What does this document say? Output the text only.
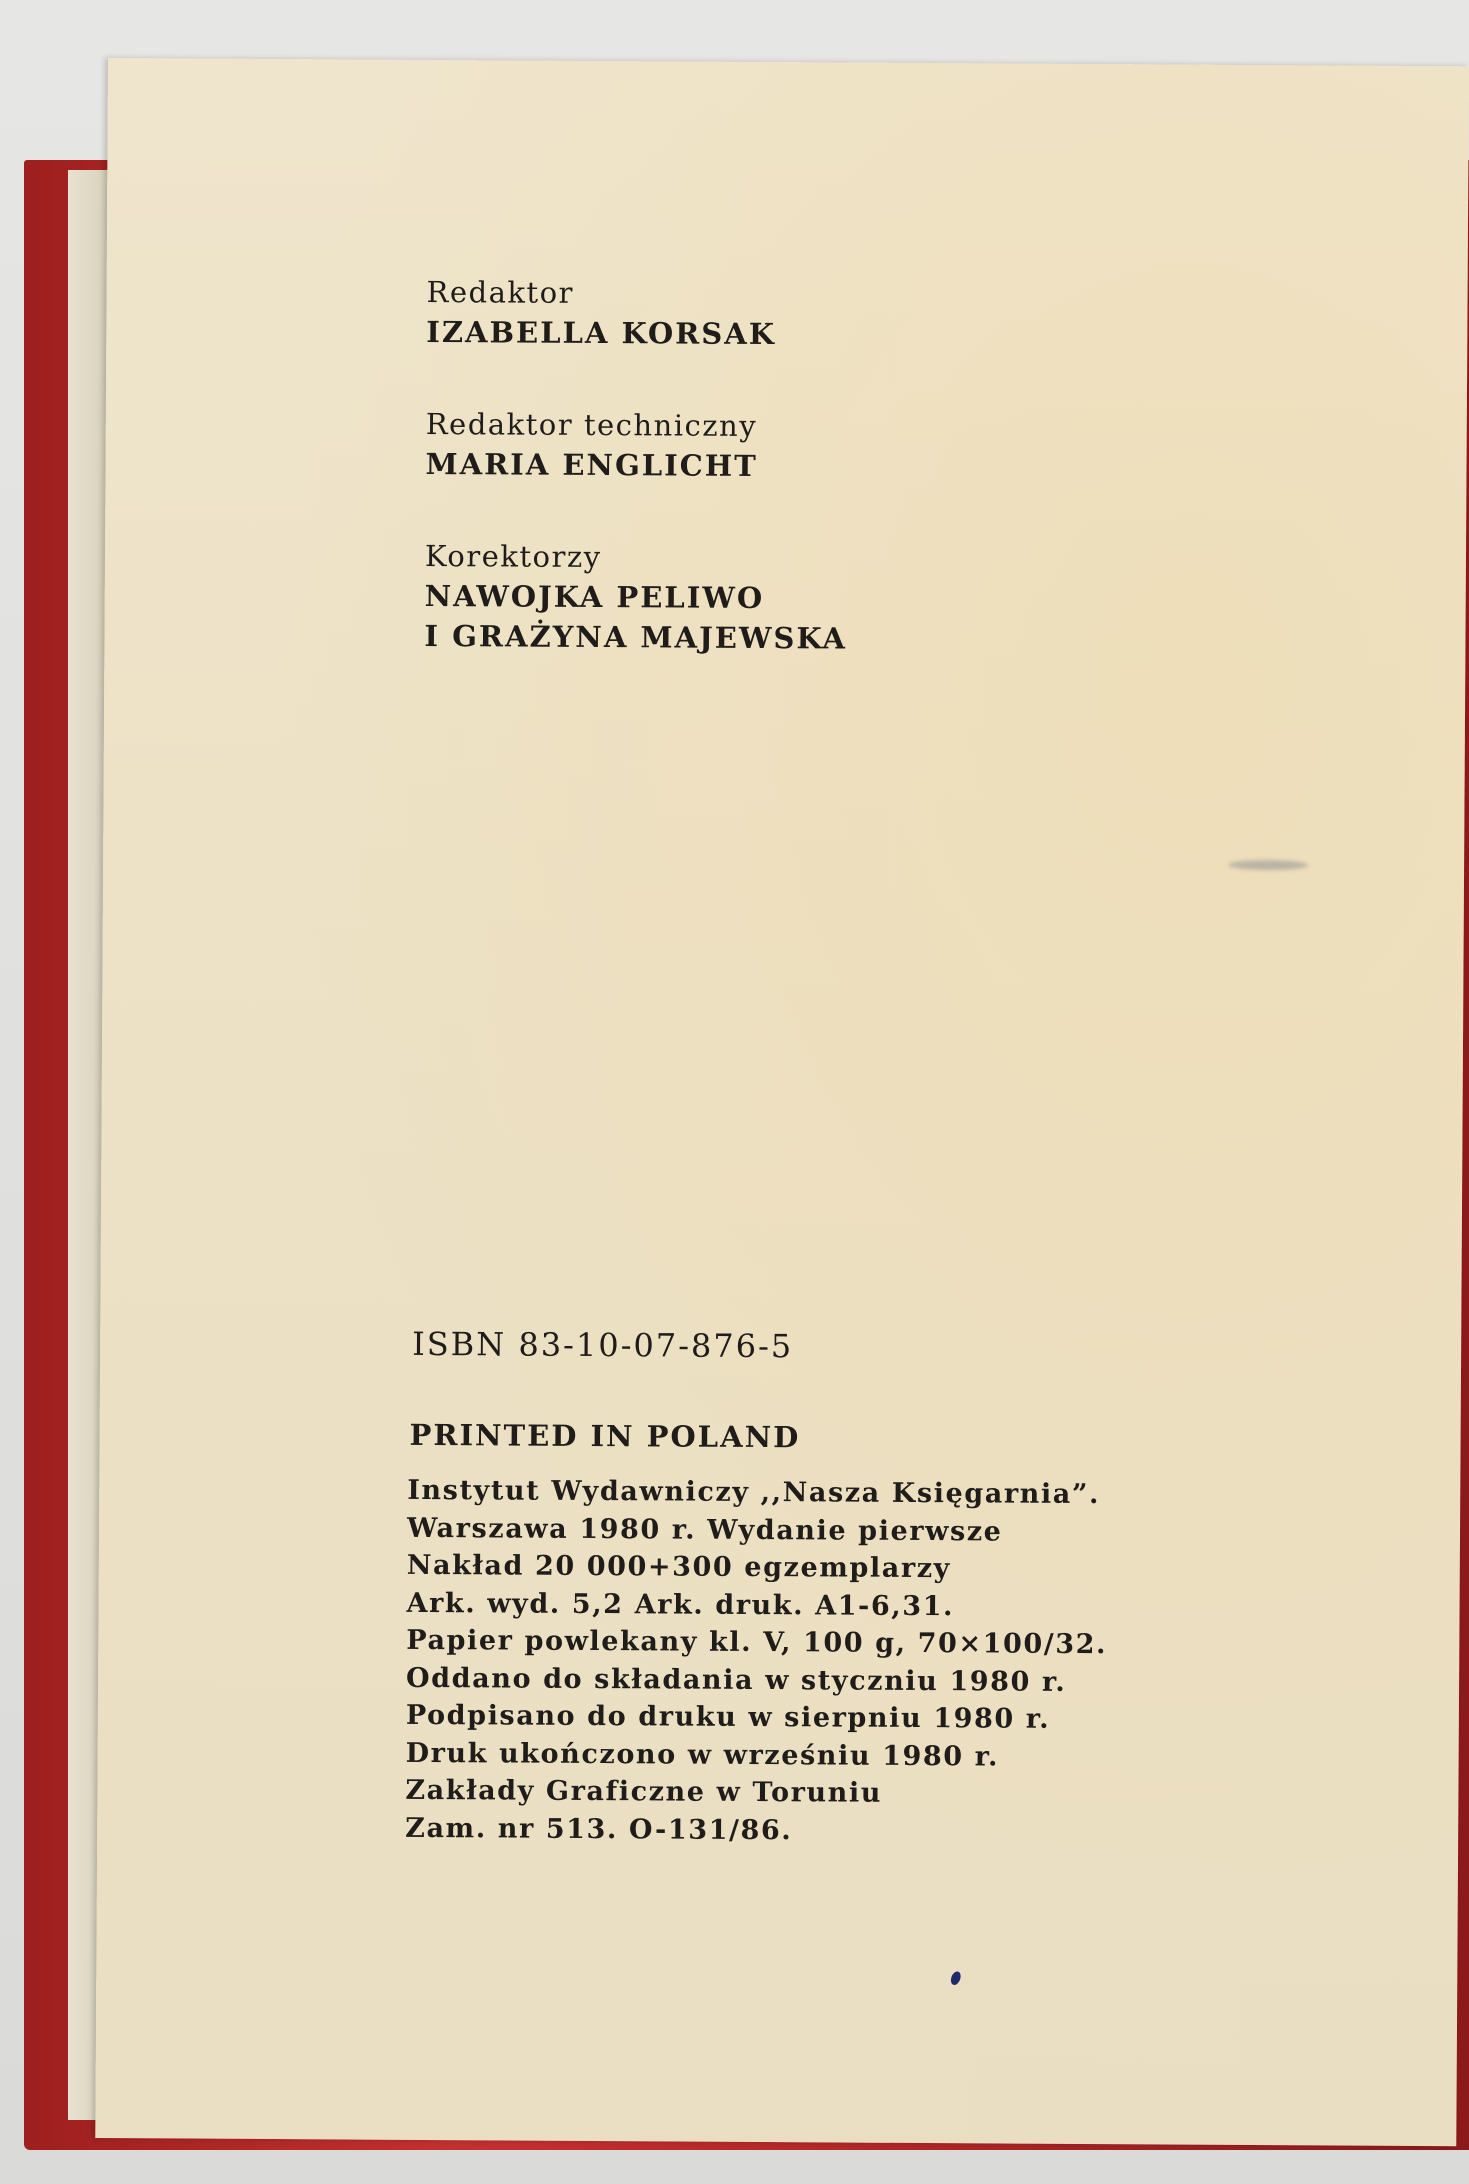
Redaktor
IZABELLA KORSAK
Redaktor techniczny
MARIA ENGLICHT
Korektorzy
NAWOJKA PELIWO
I GRAŻYNA MAJEWSKA
ISBN 83-10-07-876-5
PRINTED IN POLAND
Instytut Wydawniczy ,,Nasza Księgarnia”.
Warszawa 1980 r. Wydanie pierwsze
Nakład 20 000+300 egzemplarzy
Ark. wyd. 5,2 Ark. druk. A1-6,31.
Papier powlekany kl. V, 100 g, 70×100/32.
Oddano do składania w styczniu 1980 r.
Podpisano do druku w sierpniu 1980 r.
Druk ukończono w wrześniu 1980 r.
Zakłady Graficzne w Toruniu
Zam. nr 513. O-131/86.
